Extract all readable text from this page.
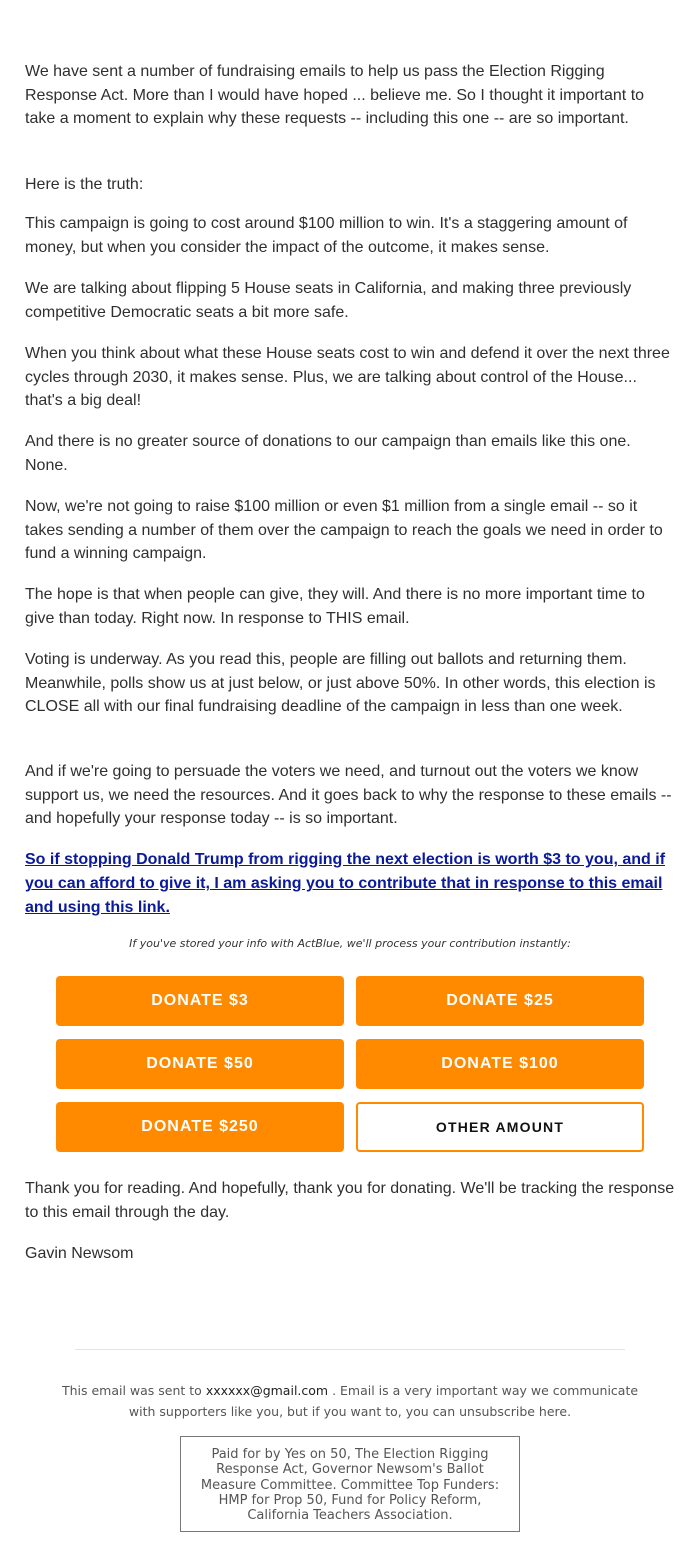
We have sent a number of fundraising emails to help us pass the Election Rigging Response Act. More than I would have hoped ... believe me. So I thought it important to take a moment to explain why these requests -- including this one -- are so important.

Here is the truth:

This campaign is going to cost around $100 million to win. It's a staggering amount of money, but when you consider the impact of the outcome, it makes sense.

We are talking about flipping 5 House seats in California, and making three previously competitive Democratic seats a bit more safe.

When you think about what these House seats cost to win and defend it over the next three cycles through 2030, it makes sense. Plus, we are talking about control of the House... that's a big deal!

And there is no greater source of donations to our campaign than emails like this one. None.

Now, we're not going to raise $100 million or even $1 million from a single email -- so it takes sending a number of them over the campaign to reach the goals we need in order to fund a winning campaign.

The hope is that when people can give, they will. And there is no more important time to give than today. Right now. In response to THIS email.

Voting is underway. As you read this, people are filling out ballots and returning them. Meanwhile, polls show us at just below, or just above 50%. In other words, this election is CLOSE all with our final fundraising deadline of the campaign in less than one week.

And if we're going to persuade the voters we need, and turnout out the voters we know support us, we need the resources. And it goes back to why the response to these emails -- and hopefully your response today -- is so important.

So if stopping Donald Trump from rigging the next election is worth $3 to you, and if you can afford to give it, I am asking you to contribute that in response to this email and using this link.

If you've stored your info with ActBlue, we'll process your contribution instantly:

DONATE $3	DONATE $25
DONATE $50	DONATE $100
DONATE $250	OTHER AMOUNT

Thank you for reading. And hopefully, thank you for donating. We'll be tracking the response to this email through the day.

Gavin Newsom

This email was sent to xxxxxx@gmail.com . Email is a very important way we communicate with supporters like you, but if you want to, you can unsubscribe here.

Paid for by Yes on 50, The Election Rigging Response Act, Governor Newsom's Ballot Measure Committee. Committee Top Funders: HMP for Prop 50, Fund for Policy Reform, California Teachers Association.
